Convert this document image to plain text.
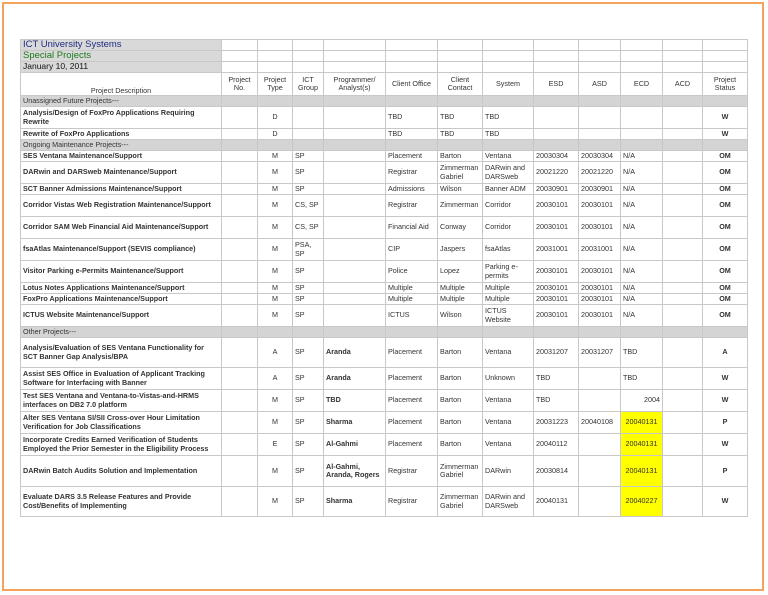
ICT University Systems												
Special Projects												
January 10, 2011												
Project Description	Project No.	Project Type	ICT Group	Programmer/ Analyst(s)	Client Office	Client Contact	System	ESD	ASD	ECD	ACD	Project Status
Unassigned Future Projects---												
Analysis/Design of FoxPro Applications Requiring Rewrite		D			TBD	TBD	TBD					W
Rewrite of FoxPro Applications		D			TBD	TBD	TBD					W
Ongoing Maintenance Projects---												
SES Ventana Maintenance/Support		M	SP		Placement	Barton	Ventana	20030304	20030304	N/A		OM
DARwin and DARSweb Maintenance/Support		M	SP		Registrar	Zimmerman Gabriel	DARwin and DARSweb	20021220	20021220	N/A		OM
SCT Banner Admissions Maintenance/Support		M	SP		Admissions	Wilson	Banner ADM	20030901	20030901	N/A		OM
Corridor Vistas Web Registration Maintenance/Support		M	CS, SP		Registrar	Zimmerman	Corridor	20030101	20030101	N/A		OM
Corridor SAM Web Financial Aid Maintenance/Support		M	CS, SP		Financial Aid	Conway	Corridor	20030101	20030101	N/A		OM
fsaAtlas Maintenance/Support (SEVIS compliance)		M	PSA, SP		CIP	Jaspers	fsaAtlas	20031001	20031001	N/A		OM
Visitor Parking e-Permits Maintenance/Support		M	SP		Police	Lopez	Parking e-permits	20030101	20030101	N/A		OM
Lotus Notes Applications Maintenance/Support		M	SP		Multiple	Multiple	Multiple	20030101	20030101	N/A		OM
FoxPro Applications Maintenance/Support		M	SP		Multiple	Multiple	Multiple	20030101	20030101	N/A		OM
ICTUS Website Maintenance/Support		M	SP		ICTUS	Wilson	ICTUS Website	20030101	20030101	N/A		OM
Other Projects---												
Analysis/Evaluation of SES Ventana Functionality for SCT Banner Gap Analysis/BPA		A	SP	Aranda	Placement	Barton	Ventana	20031207	20031207	TBD		A
Assist SES Office in Evaluation of Applicant Tracking Software for Interfacing with Banner		A	SP	Aranda	Placement	Barton	Unknown	TBD		TBD		W
Test SES Ventana and Ventana-to-Vistas-and-HRMS interfaces on DB2 7.0 platform		M	SP	TBD	Placement	Barton	Ventana	TBD		2004		W
Alter SES Ventana SI/SII Cross-over Hour Limitation Verification for Job Classifications		M	SP	Sharma	Placement	Barton	Ventana	20031223	20040108	20040131		P
Incorporate Credits Earned Verification of Students Employed the Prior Semester in the Eligibility Process		E	SP	Al-Gahmi	Placement	Barton	Ventana	20040112		20040131		W
DARwin Batch Audits Solution and Implementation		M	SP	Al-Gahmi, Aranda, Rogers	Registrar	Zimmerman Gabriel	DARwin	20030814		20040131		P
Evaluate DARS 3.5 Release Features and Provide Cost/Benefits of Implementing		M	SP	Sharma	Registrar	Zimmerman Gabriel	DARwin and DARSweb	20040131		20040227		W
